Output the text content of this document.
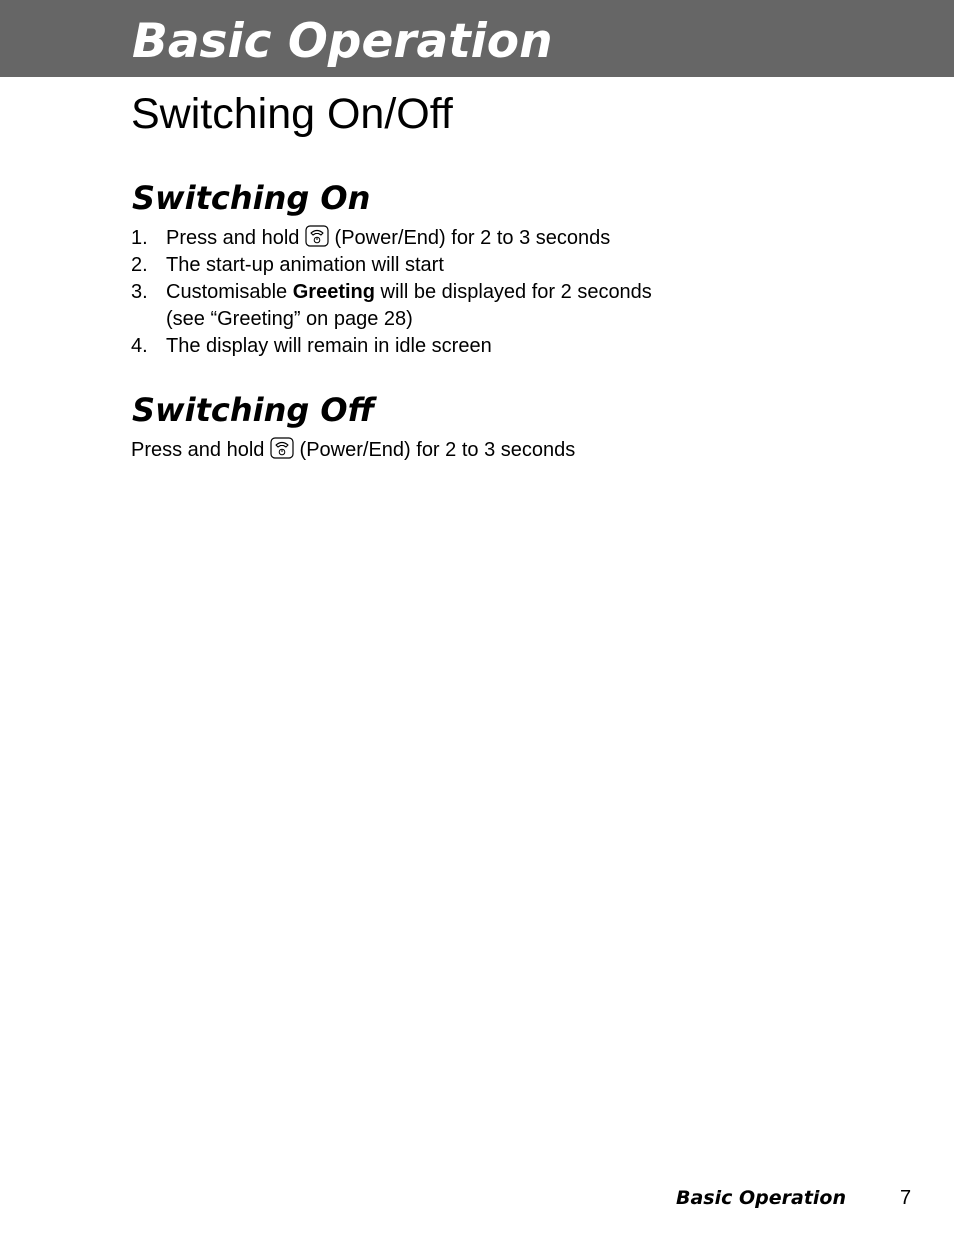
Basic Operation
Switching On/Off
Switching On
1. Press and hold (Power/End) for 2 to 3 seconds
2. The start-up animation will start
3. Customisable Greeting will be displayed for 2 seconds
(see “Greeting” on page 28)
4. The display will remain in idle screen
Switching Off

Press and hold (Power/End) for 2 to 3 seconds

Basic Operation	7
